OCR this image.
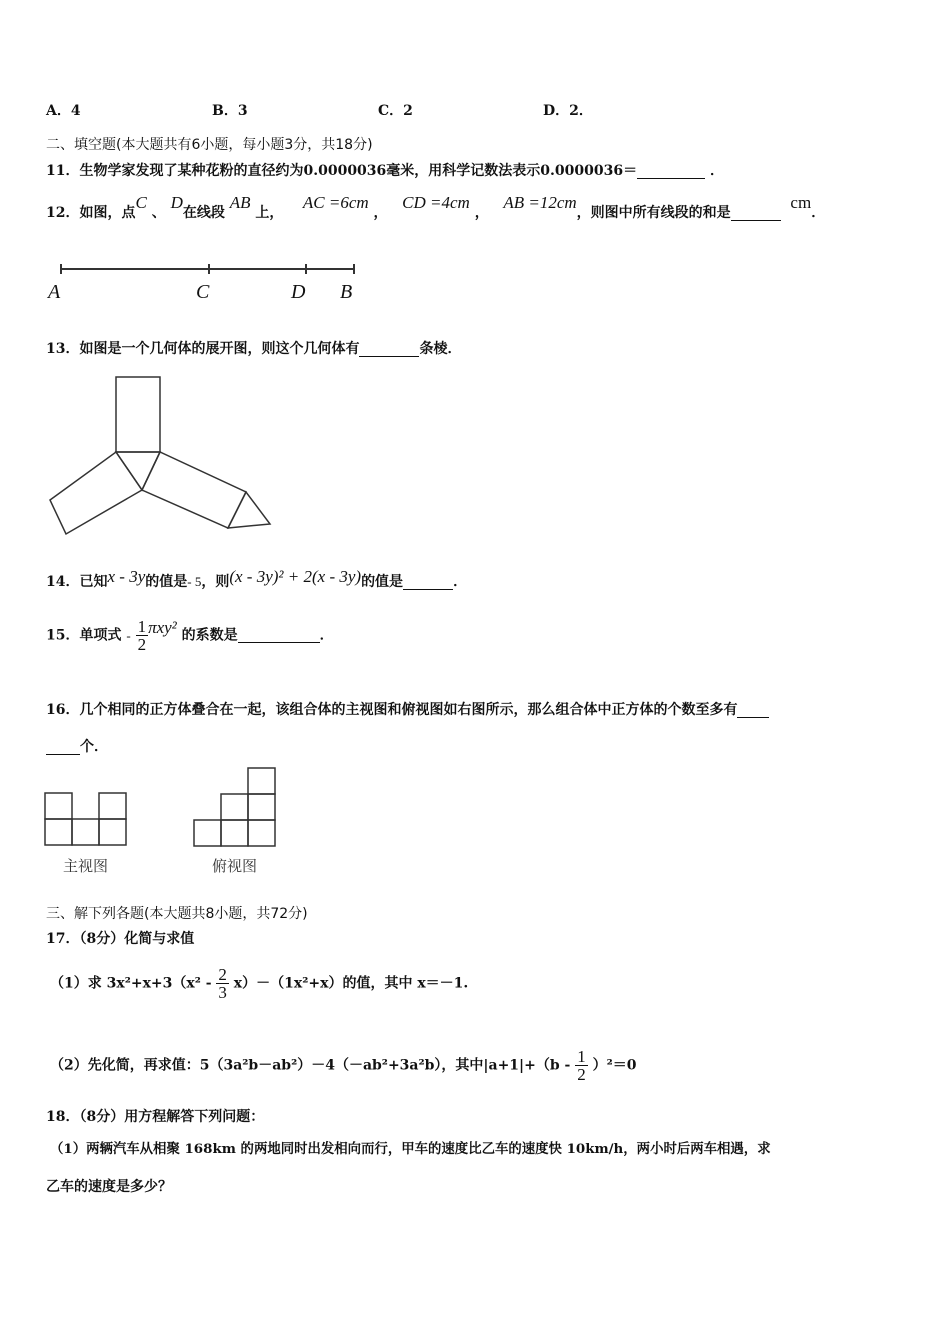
A．4	B．3	C．2	D．2．
二、填空题(本大题共有6小题，每小题3分，共18分)
11．生物学家发现了某种花粉的直径约为0.0000036毫米，用科学记数法表示0.0000036＝	．
12．如图，点C 、 D在线段 AB 上，    AC =6cm ，   CD =4cm ，   AB =12cm，则图中所有线段的和是   cm．
A	C	D B
13．如图是一个几何体的展开图，则这个几何体有	条棱．
14．已知x - 3y的值是- 5，则(x - 3y)² + 2(x - 3y)的值是	．
15．单项式 - $\frac{1}{2} \pi xy^2$ 的系数是	．
16．几个相同的正方体叠合在一起，该组合体的主视图和俯视图如右图所示，那么组合体中正方体的个数至多有
个．
主视图	俯视图
三、解下列各题(本大题共8小题，共72分)
17．（8分）化简与求值
（1）求 $3x^2+x+3(x^2 - \frac{2}{3} x)-(1x^2+x)$的值，其中 x＝－1.
（2）先化简，再求值：5（3a²b－ab²）－4（－ab²+3a²b），其中$|a+1|+(b - \frac{1}{2} )^2=0$
18．（8分）用方程解答下列问题：
（1）两辆汽车从相聚 168km 的两地同时出发相向而行，甲车的速度比乙车的速度快 10km/h，两小时后两车相遇，求
乙车的速度是多少？
